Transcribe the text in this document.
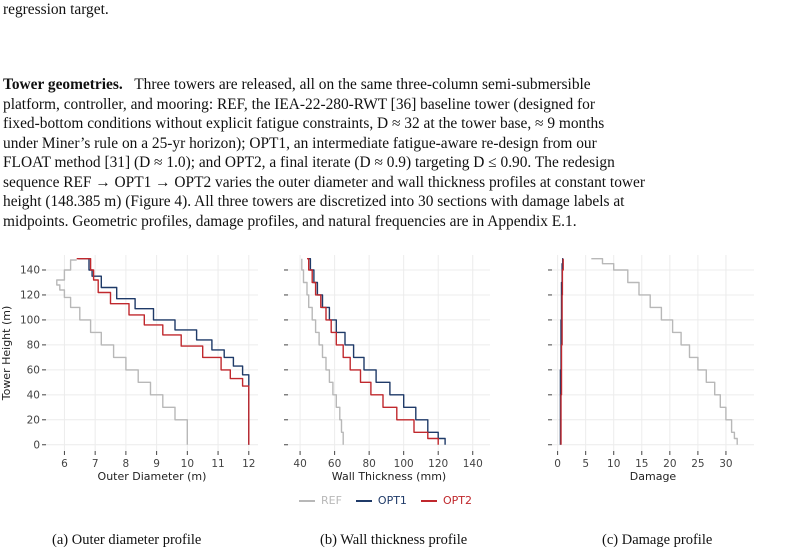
regression target.
Tower geometries. Three towers are released, all on the same three-column semi-submersible
platform, controller, and mooring: REF, the IEA-22-280-RWT [36] baseline tower (designed for
fixed-bottom conditions without explicit fatigue constraints, D ≈ 32 at the tower base, ≈ 9 months
under Miner’s rule on a 25-yr horizon); OPT1, an intermediate fatigue-aware re-design from our
FLOAT method [31] (D ≈ 1.0); and OPT2, a final iterate (D ≈ 0.9) targeting D ≤ 0.90. The redesign
sequence REF → OPT1 → OPT2 varies the outer diameter and wall thickness profiles at constant tower
height (148.385 m) (Figure 4). All three towers are discretized into 30 sections with damage labels at
midpoints. Geometric profiles, damage profiles, and natural frequencies are in Appendix E.1.
0
20
40
60
80
100
120
140
6 7 8 9 10 11 12
Outer Diameter (m)
Tower Height (m)
40 60 80 100 120 140
Wall Thickness (mm)
0 5 10 15 20 25 30
Damage
REF	OPT1	OPT2
(a) Outer diameter profile	(b) Wall thickness profile	(c) Damage profile
